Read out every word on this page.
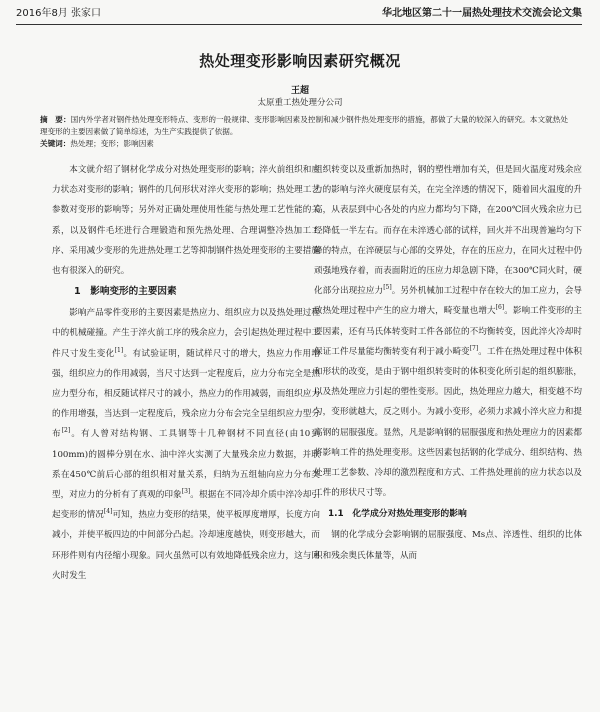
2016年8月 张家口	华北地区第二十一届热处理技术交流会论文集
热处理变形影响因素研究概况
王超
太原重工热处理分公司

摘　要：国内外学者对钢件热处理变形特点、变形的一般规律、变形影响因素及控制和减少钢件热处理变形的措施，都做了大量的较深入的研究。本文就热处理变形的主要因素做了简单综述，为生产实践提供了依据。

关键词：热处理；变形；影响因素

本文就介绍了钢材化学成分对热处理变形的影响；淬火前组织和应力状态对变形的影响；钢件的几何形状对淬火变形的影响；热处理工艺参数对变形的影响等；另外对正确处理使用性能与热处理工艺性能的关系，以及钢件毛坯进行合理锻造和预先热处理、合理调整冷热加工工序、采用减少变形的先进热处理工艺等抑制钢件热处理变形的主要措施也有很深入的研究。

1　影响变形的主要因素

影响产品零件变形的主要因素是热应力、组织应力以及热处理过程中的机械碰撞。产生于淬火前工序的残余应力，会引起热处理过程中工件尺寸发生变化[1]。有试验证明，随试样尺寸的增大，热应力作用增强，组织应力的作用减弱，当尺寸达到一定程度后，应力分布完全是热应力型分布，相反随试样尺寸的减小，热应力的作用减弱，而组织应力的作用增强，当达到一定程度后，残余应力分布会完全呈组织应力型分布[2]。有人曾对结构钢、工具钢等十几种钢材不同直径(由10到100mm)的圆棒分别在水、油中淬火实测了大量残余应力数据，并联系在450℃前后心部的组织相对量关系，归纳为五组轴向应力分布类型，对应力的分析有了真观的印象[3]。根据在不同冷却介质中淬冷却引起变形的情况[4]可知，热应力变形的结果，使平板厚度增厚，长度方向减小，并使平板四边的中间部分凸起。冷却速度越快，则变形越大，而环形件则有内径缩小现象。同火虽然可以有效地降低残余应力，这与回火时发生

组织转变以及重新加热时，钢的塑性增加有关，但是回火温度对残余应力的影响与淬火硬度层有关，在完全淬透的情况下，随着回火温度的升高，从表层到中心各处的内应力都均匀下降，在200℃回火残余应力已经降低一半左右。而存在未淬透心部的试样，回火并不出现普遍均匀下降的特点，在淬硬层与心部的交界处，存在的压应力，在同火过程中仍顽强地残存着，而表面附近的压应力却急剧下降，在300℃同火时，硬化部分出现拉应力[5]。另外机械加工过程中存在较大的加工应力，会导致热处理过程中产生的应力增大，畸变量也增大[6]。影响工件变形的主要因素，还有马氏体转变时工件各部位的不均衡转变，因此淬火冷却时保证工件尽量能均衡转变有利于减小畸变[7]。工件在热处理过程中体积和形状的改变，是由于钢中组织转变时的体积变化所引起的组织膨胀，以及热处理应力引起的塑性变形。因此，热处理应力越大，相变越不均匀，变形就越大，反之则小。为减小变形，必须力求减小淬火应力和提高钢的屈服强度。显然，凡是影响钢的屈服强度和热处理应力的因素都将影响工件的热处理变形。这些因素包括钢的化学成分、组织结构、热处理工艺参数、冷却的激烈程度和方式、工件热处理前的应力状态以及工件的形状尺寸等。

1.1　化学成分对热处理变形的影响

钢的化学成分会影响钢的屈服强度、Ms点、淬透性、组织的比体积和残余奥氏体量等，从而
